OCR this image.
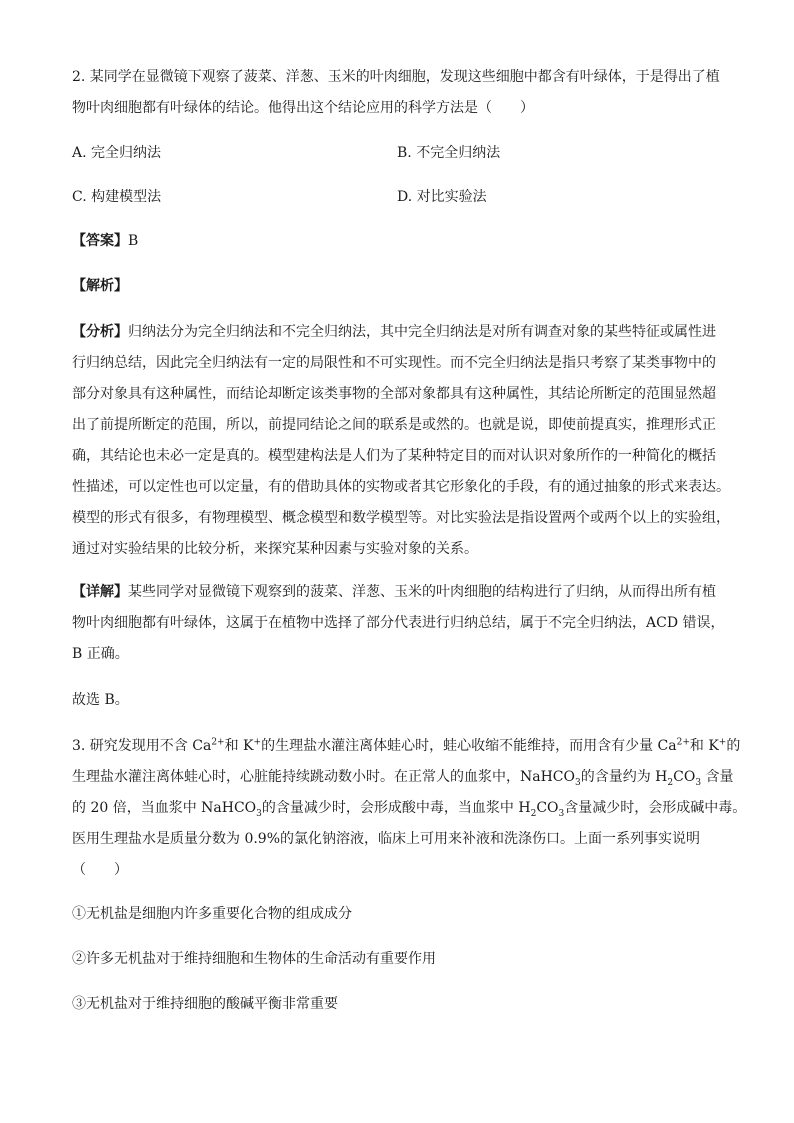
2. 某同学在显微镜下观察了菠菜、洋葱、玉米的叶肉细胞，发现这些细胞中都含有叶绿体，于是得出了植
物叶肉细胞都有叶绿体的结论。他得出这个结论应用的科学方法是（　　）
A. 完全归纳法	B. 不完全归纳法
C. 构建模型法	D. 对比实验法
【答案】B
【解析】
【分析】归纳法分为完全归纳法和不完全归纳法，其中完全归纳法是对所有调查对象的某些特征或属性进
行归纳总结，因此完全归纳法有一定的局限性和不可实现性。而不完全归纳法是指只考察了某类事物中的
部分对象具有这种属性，而结论却断定该类事物的全部对象都具有这种属性，其结论所断定的范围显然超
出了前提所断定的范围，所以，前提同结论之间的联系是或然的。也就是说，即使前提真实，推理形式正
确，其结论也未必一定是真的。模型建构法是人们为了某种特定目的而对认识对象所作的一种简化的概括
性描述，可以定性也可以定量，有的借助具体的实物或者其它形象化的手段，有的通过抽象的形式来表达。
模型的形式有很多，有物理模型、概念模型和数学模型等。对比实验法是指设置两个或两个以上的实验组，
通过对实验结果的比较分析，来探究某种因素与实验对象的关系。
【详解】某些同学对显微镜下观察到的菠菜、洋葱、玉米的叶肉细胞的结构进行了归纳，从而得出所有植
物叶肉细胞都有叶绿体，这属于在植物中选择了部分代表进行归纳总结，属于不完全归纳法，ACD 错误，
B 正确。
故选 B。
3. 研究发现用不含 $Ca^{2+}$和 K+的生理盐水灌注离体蛙心时，蛙心收缩不能维持，而用含有少量 $Ca^{2+}$和 K+的
生理盐水灌注离体蛙心时，心脏能持续跳动数小时。在正常人的血浆中，NaHCO$_3$的含量约为 $H_2CO_3$ 含量
的 20 倍，当血浆中 NaHCO$_3$的含量减少时，会形成酸中毒，当血浆中 $H_2CO_3$含量减少时，会形成碱中毒。
医用生理盐水是质量分数为 0.9%的氯化钠溶液，临床上可用来补液和洗涤伤口。上面一系列事实说明
（　　）
①无机盐是细胞内许多重要化合物的组成成分
②许多无机盐对于维持细胞和生物体的生命活动有重要作用
③无机盐对于维持细胞的酸碱平衡非常重要
